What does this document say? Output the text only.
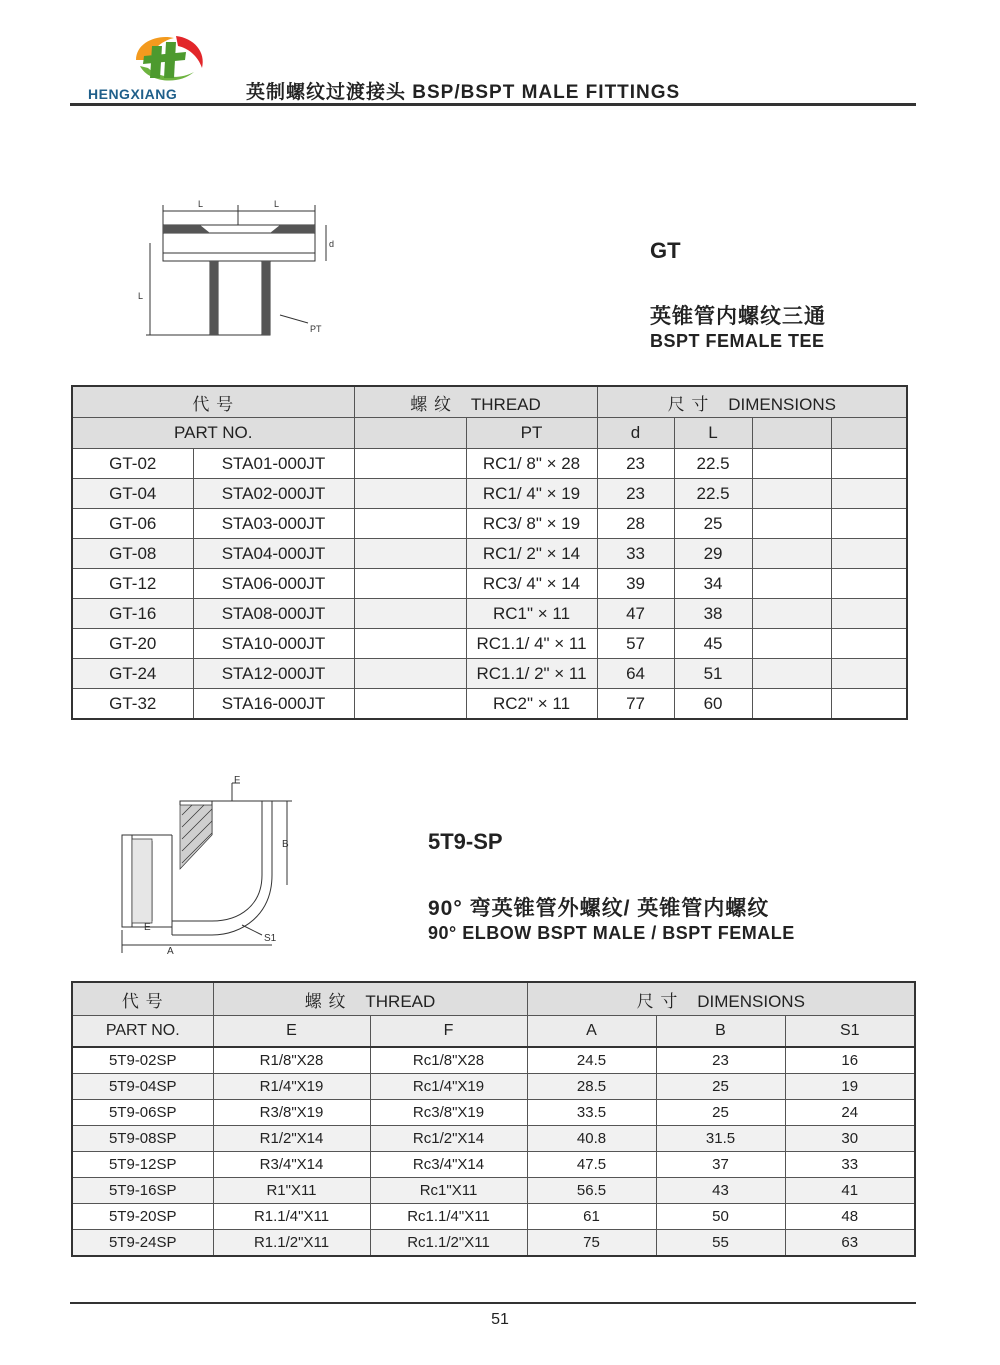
HENGXIANG	英制螺纹过渡接头 BSP/BSPT MALE FITTINGS
L	L
d
L
PT
GT
英锥管内螺纹三通
BSPT FEMALE TEE
代 号		螺 纹 THREAD		尺 寸 DIMENSIONS			
PART NO.			PT	d	L		
GT-02	STA01-000JT		RC1/ 8" × 28	23	22.5		
GT-04	STA02-000JT		RC1/ 4" × 19	23	22.5		
GT-06	STA03-000JT		RC3/ 8" × 19	28	25		
GT-08	STA04-000JT		RC1/ 2" × 14	33	29		
GT-12	STA06-000JT		RC3/ 4" × 14	39	34		
GT-16	STA08-000JT		RC1" × 11	47	38		
GT-20	STA10-000JT		RC1.1/ 4" × 11	57	45		
GT-24	STA12-000JT		RC1.1/ 2" × 11	64	51		
GT-32	STA16-000JT		RC2" × 11	77	60		
F
B
E
A
S1
5T9-SP
90° 弯英锥管外螺纹/ 英锥管内螺纹
90° ELBOW BSPT MALE / BSPT FEMALE
代 号	螺 纹 THREAD		尺 寸 DIMENSIONS		
PART NO.	E	F	A	B	S1
5T9-02SP	R1/8"X28	Rc1/8"X28	24.5	23	16
5T9-04SP	R1/4"X19	Rc1/4"X19	28.5	25	19
5T9-06SP	R3/8"X19	Rc3/8"X19	33.5	25	24
5T9-08SP	R1/2"X14	Rc1/2"X14	40.8	31.5	30
5T9-12SP	R3/4"X14	Rc3/4"X14	47.5	37	33
5T9-16SP	R1"X11	Rc1"X11	56.5	43	41
5T9-20SP	R1.1/4"X11	Rc1.1/4"X11	61	50	48
5T9-24SP	R1.1/2"X11	Rc1.1/2"X11	75	55	63
51
